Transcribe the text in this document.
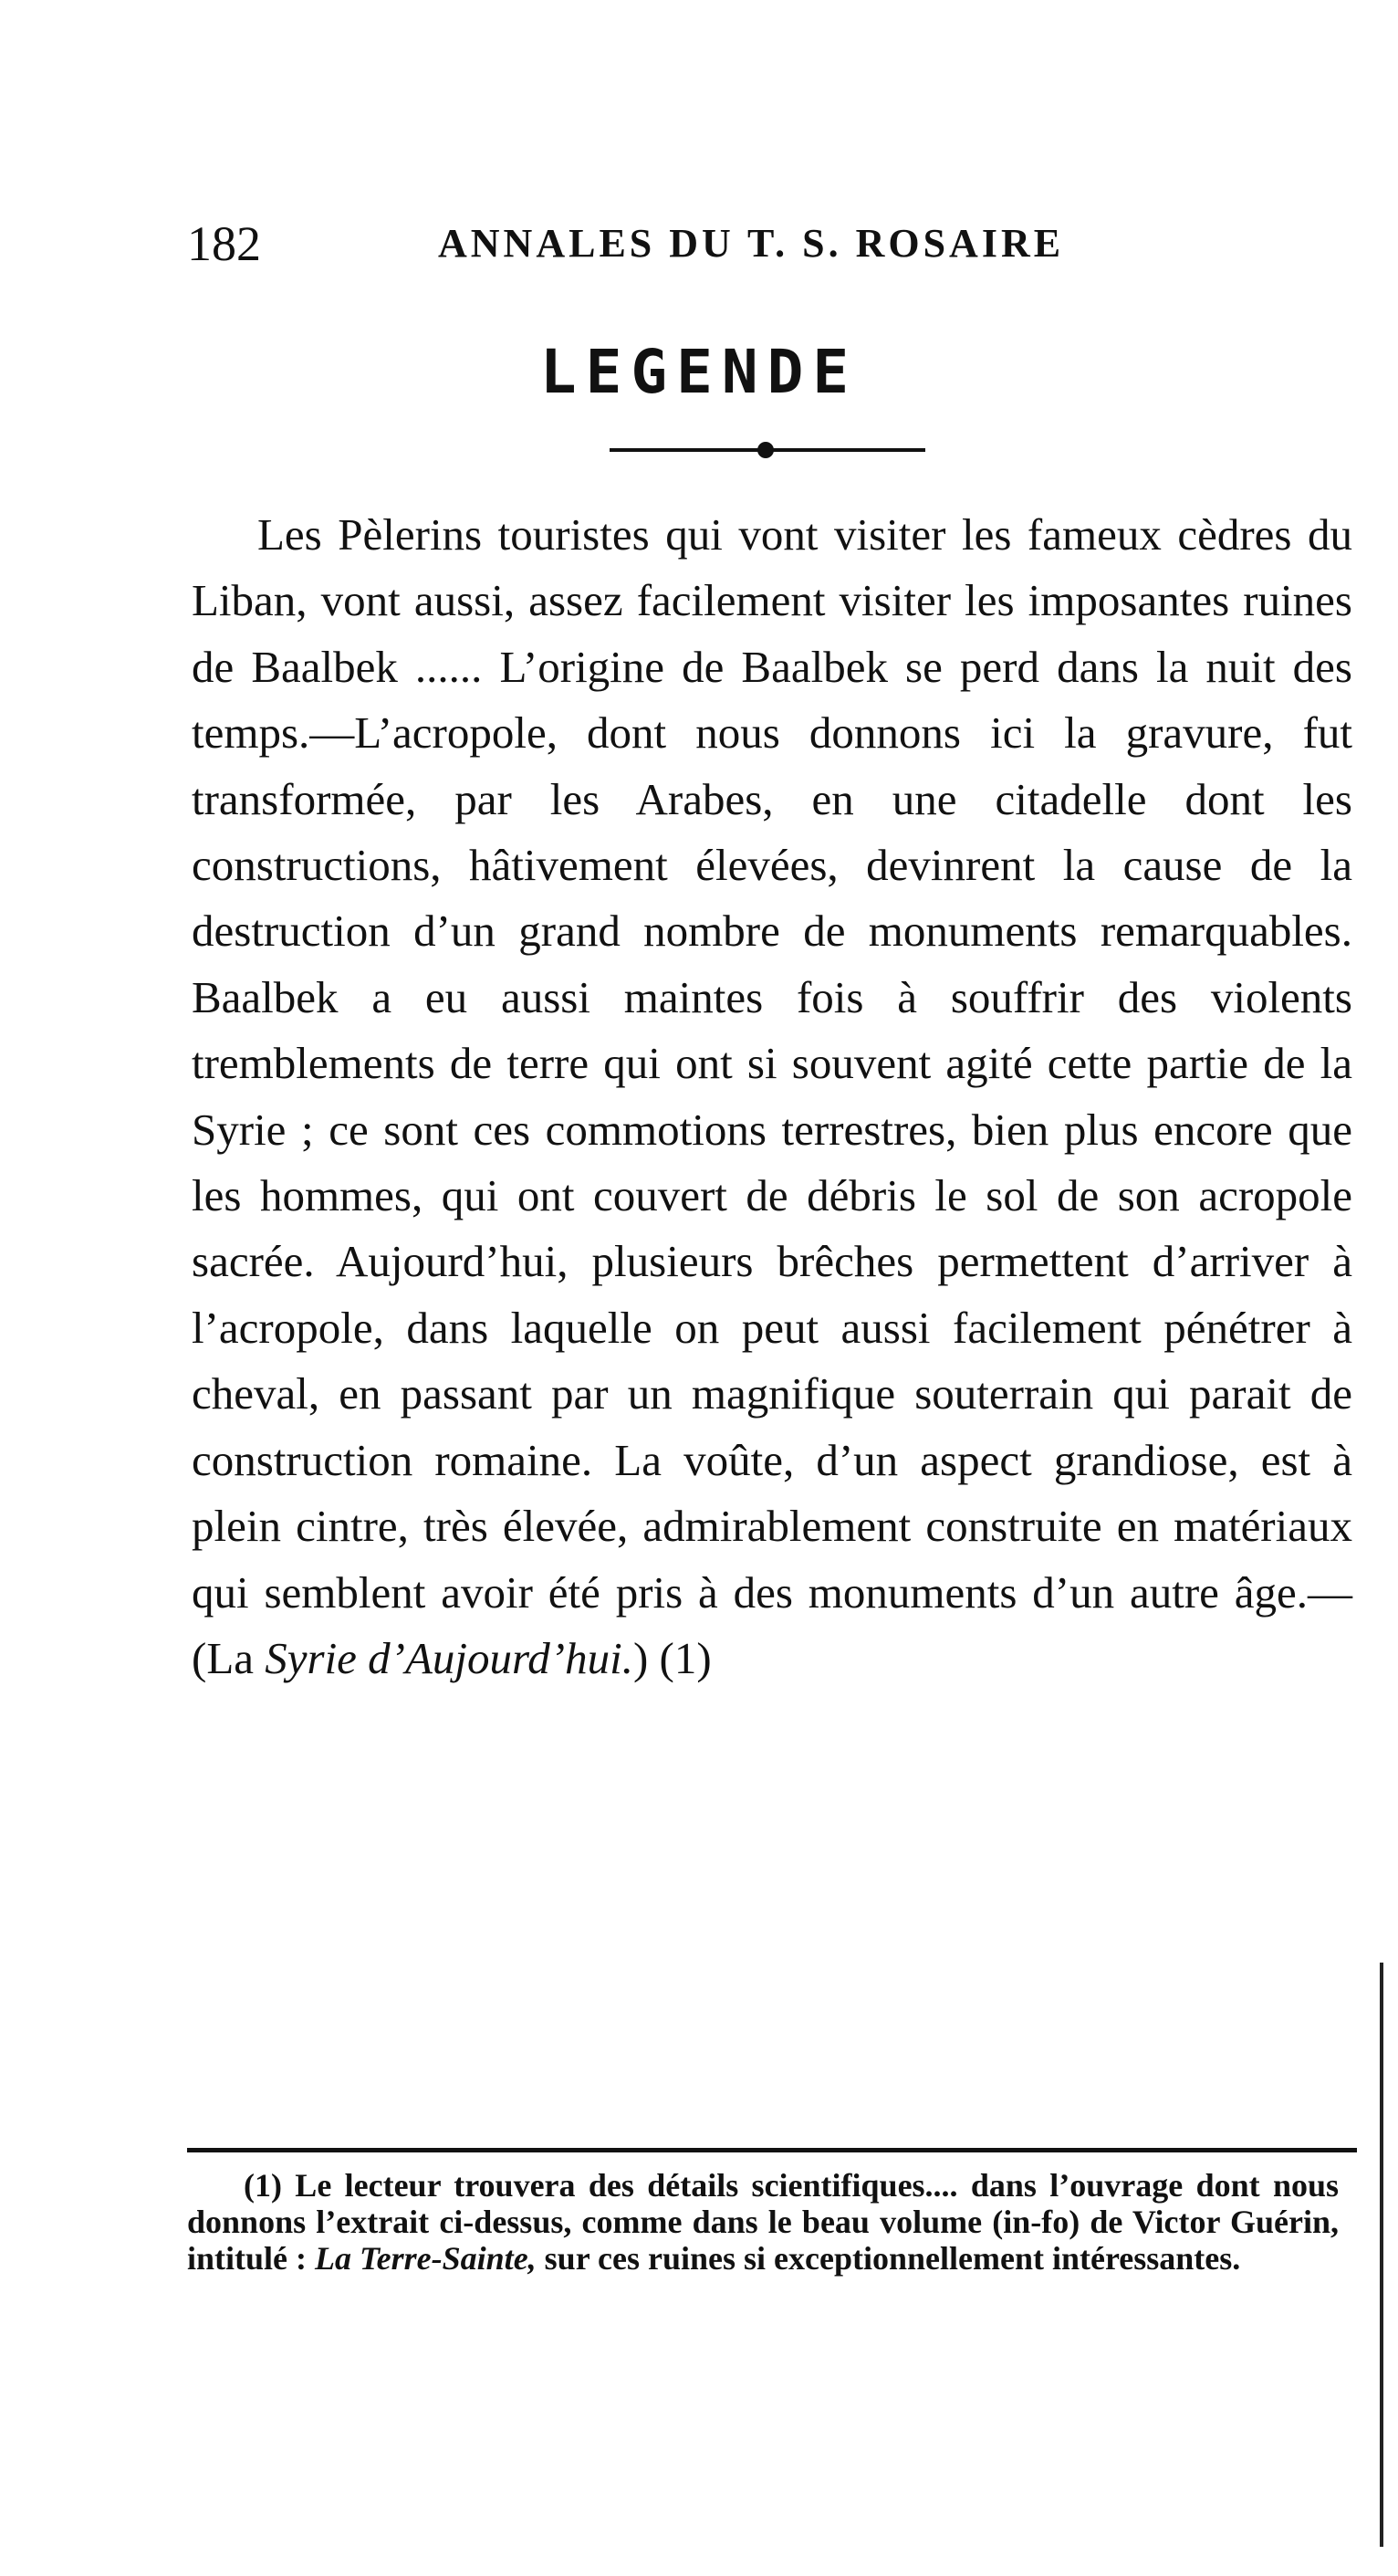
182	ANNALES DU T. S. ROSAIRE
LEGENDE

Les Pèlerins touristes qui vont visiter les fameux cèdres du Liban, vont aussi, assez facilement visiter les imposantes ruines de Baalbek ...... L’origine de Baalbek se perd dans la nuit des temps.—L’acropole, dont nous donnons ici la gravure, fut transformée, par les Arabes, en une citadelle dont les constructions, hâtivement élevées, devinrent la cause de la destruction d’un grand nombre de monuments remarquables. Baalbek a eu aussi maintes fois à souffrir des violents tremblements de terre qui ont si souvent agité cette partie de la Syrie ; ce sont ces commotions terrestres, bien plus encore que les hommes, qui ont couvert de débris le sol de son acropole sacrée. Aujourd’hui, plusieurs brêches permettent d’arriver à l’acropole, dans laquelle on peut aussi facilement pénétrer à cheval, en passant par un magnifique souterrain qui parait de construction romaine. La voûte, d’un aspect grandiose, est à plein cintre, très élevée, admirablement construite en matériaux qui semblent avoir été pris à des monuments d’un autre âge.—(La Syrie d’Aujourd’hui.) (1)

(1) Le lecteur trouvera des détails scientifiques.... dans l’ouvrage dont nous donnons l’extrait ci-dessus, comme dans le beau volume (in-fo) de Victor Guérin, intitulé : La Terre-Sainte, sur ces ruines si exceptionnellement intéressantes.
